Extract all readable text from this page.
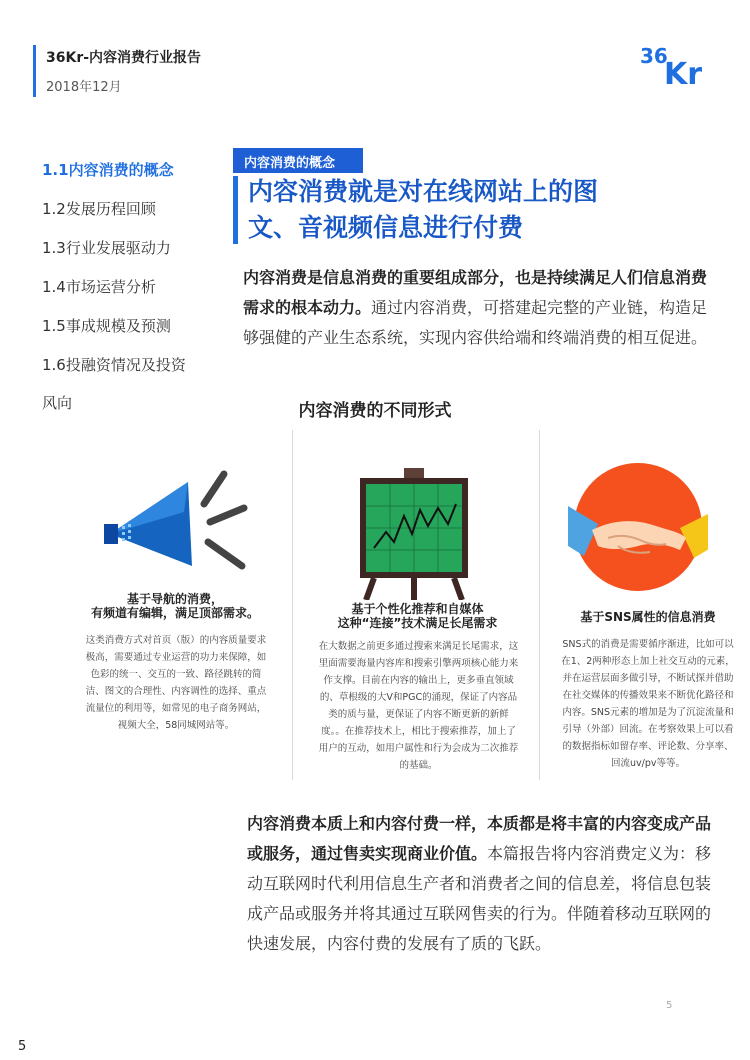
36Kr-内容消费行业报告
2018年12月
36
Kr
1.1内容消费的概念
1.2发展历程回顾
1.3行业发展驱动力
1.4市场运营分析
1.5事成规模及预测
1.6投融资情况及投资
风向
内容消费的概念
内容消费就是对在线网站上的图
文、音视频信息进行付费
内容消费是信息消费的重要组成部分，也是持续满足人们信息消费需求的根本动力。通过内容消费，可搭建起完整的产业链，构造足够强健的产业生态系统，实现内容供给端和终端消费的相互促进。
内容消费的不同形式
基于导航的消费，
有频道有编辑，满足顶部需求。
这类消费方式对首页（版）的内容质量要求
极高，需要通过专业运营的功力来保障，如
色彩的统一、交互的一致、路径跳转的简
洁、图文的合理性、内容调性的选择、重点
流量位的利用等，如常见的电子商务网站，
视频大全，58同城网站等。
基于个性化推荐和自媒体
这种“连接”技术满足长尾需求
在大数据之前更多通过搜索来满足长尾需求，这
里面需要海量内容库和搜索引擎两项核心能力来
作支撑。目前在内容的输出上，更多垂直领域
的、草根级的大V和PGC的涌现，保证了内容品
类的质与量，更保证了内容不断更新的新鲜
度。。在推荐技术上，相比于搜索推荐，加上了
用户的互动，如用户属性和行为会成为二次推荐
的基础。
基于SNS属性的信息消费
SNS式的消费是需要循序渐进，比如可以
在1、2两种形态上加上社交互动的元素，
并在运营层面多做引导，不断试探并借助
在社交媒体的传播效果来不断优化路径和
内容。SNS元素的增加是为了沉淀流量和
引导（外部）回流。在考察效果上可以看
的数据指标如留存率、评论数、分享率、
回流uv/pv等等。
内容消费本质上和内容付费一样，本质都是将丰富的内容变成产品或服务，通过售卖实现商业价值。本篇报告将内容消费定义为：移动互联网时代利用信息生产者和消费者之间的信息差，将信息包装成产品或服务并将其通过互联网售卖的行为。伴随着移动互联网的快速发展，内容付费的发展有了质的飞跃。
5
5
